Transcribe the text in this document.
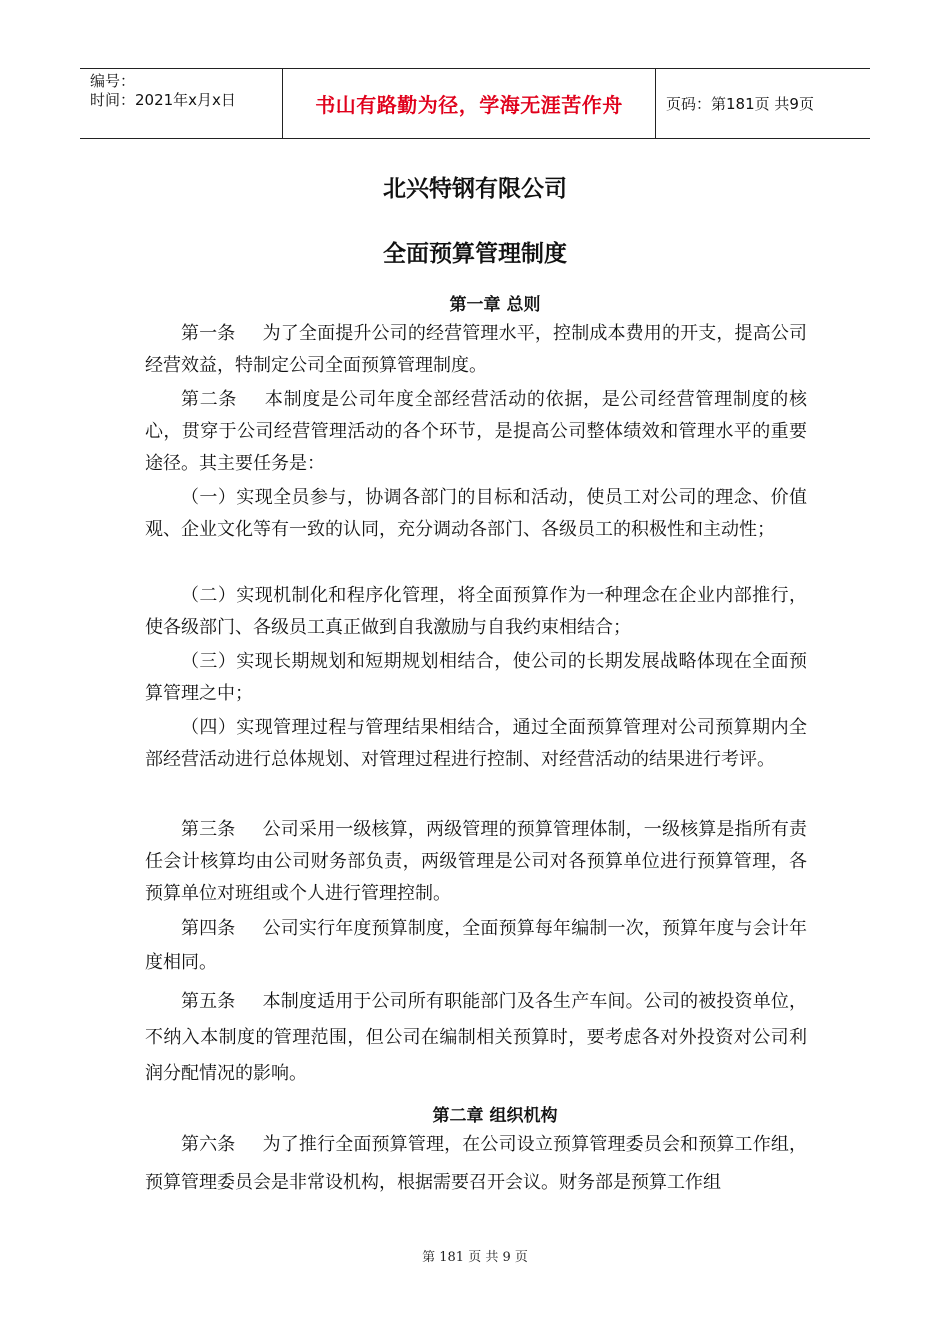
编号：
时间：2021年x月x日	书山有路勤为径，学海无涯苦作舟	页码：第181页 共9页
北兴特钢有限公司
全面预算管理制度
第一章 总则

第一条 为了全面提升公司的经营管理水平，控制成本费用的开支，提高公司经营效益，特制定公司全面预算管理制度。

第二条 本制度是公司年度全部经营活动的依据，是公司经营管理制度的核心，贯穿于公司经营管理活动的各个环节，是提高公司整体绩效和管理水平的重要途径。其主要任务是：

（一）实现全员参与，协调各部门的目标和活动，使员工对公司的理念、价值观、企业文化等有一致的认同，充分调动各部门、各级员工的积极性和主动性；

（二）实现机制化和程序化管理，将全面预算作为一种理念在企业内部推行，使各级部门、各级员工真正做到自我激励与自我约束相结合；

（三）实现长期规划和短期规划相结合，使公司的长期发展战略体现在全面预算管理之中；

（四）实现管理过程与管理结果相结合，通过全面预算管理对公司预算期内全部经营活动进行总体规划、对管理过程进行控制、对经营活动的结果进行考评。

第三条 公司采用一级核算，两级管理的预算管理体制，一级核算是指所有责任会计核算均由公司财务部负责，两级管理是公司对各预算单位进行预算管理，各预算单位对班组或个人进行管理控制。

第四条 公司实行年度预算制度，全面预算每年编制一次，预算年度与会计年度相同。

第五条 本制度适用于公司所有职能部门及各生产车间。公司的被投资单位，不纳入本制度的管理范围，但公司在编制相关预算时，要考虑各对外投资对公司利润分配情况的影响。

第二章 组织机构

第六条 为了推行全面预算管理，在公司设立预算管理委员会和预算工作组，预算管理委员会是非常设机构，根据需要召开会议。财务部是预算工作组

第 181 页 共 9 页
